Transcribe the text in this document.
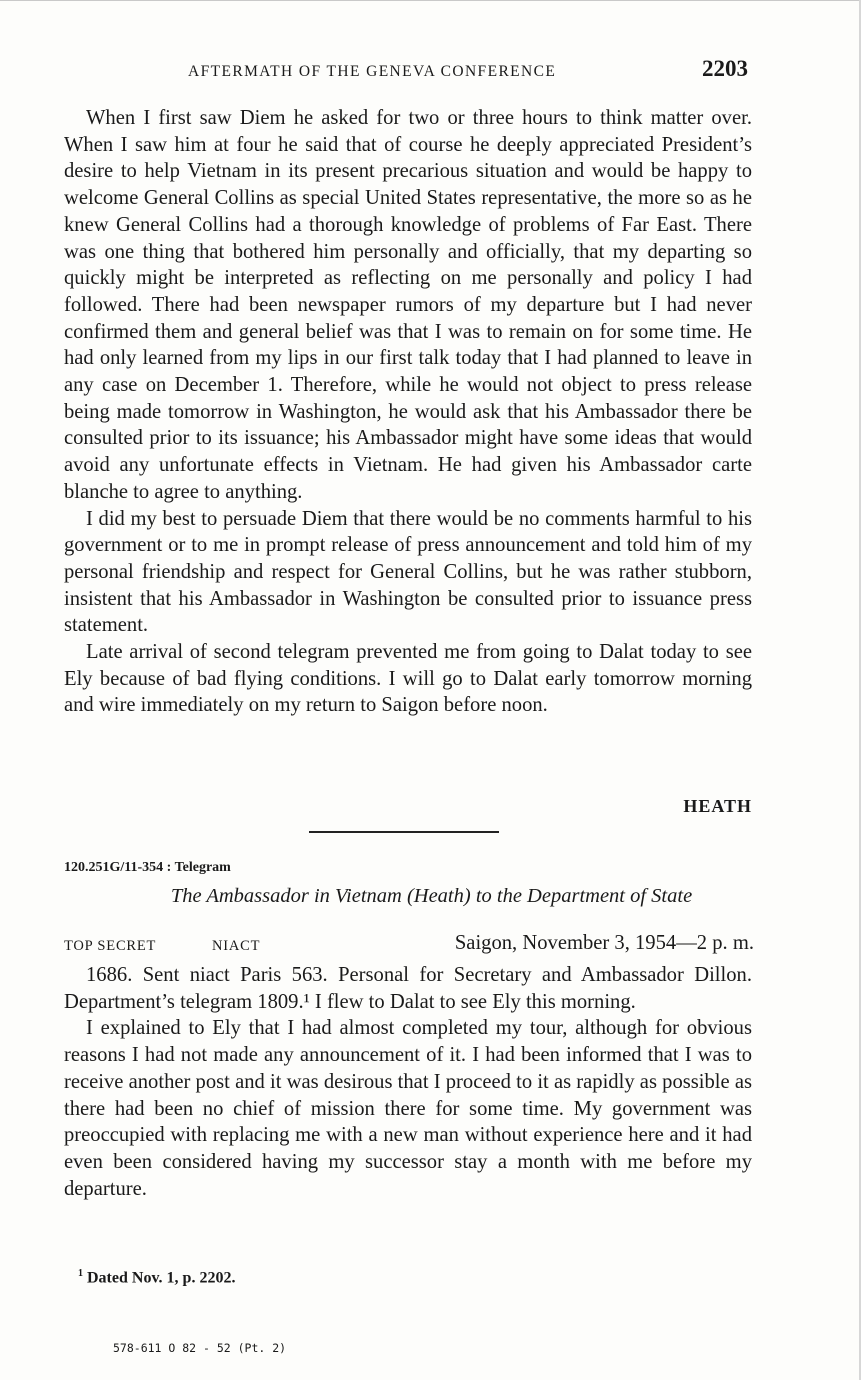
AFTERMATH OF THE GENEVA CONFERENCE	2203

When I first saw Diem he asked for two or three hours to think matter over. When I saw him at four he said that of course he deeply appreciated President’s desire to help Vietnam in its present precarious situation and would be happy to welcome General Collins as special United States representative, the more so as he knew General Collins had a thorough knowledge of problems of Far East. There was one thing that bothered him personally and officially, that my departing so quickly might be interpreted as reflecting on me personally and policy I had followed. There had been newspaper rumors of my departure but I had never confirmed them and general belief was that I was to remain on for some time. He had only learned from my lips in our first talk today that I had planned to leave in any case on December 1. Therefore, while he would not object to press release being made tomorrow in Washington, he would ask that his Ambassador there be consulted prior to its issuance; his Ambassador might have some ideas that would avoid any unfortunate effects in Vietnam. He had given his Ambassador carte blanche to agree to anything.

I did my best to persuade Diem that there would be no comments harmful to his government or to me in prompt release of press announcement and told him of my personal friendship and respect for General Collins, but he was rather stubborn, insistent that his Ambassador in Washington be consulted prior to issuance press statement.

Late arrival of second telegram prevented me from going to Dalat today to see Ely because of bad flying conditions. I will go to Dalat early tomorrow morning and wire immediately on my return to Saigon before noon.

HEATH
120.251G/11-354 : Telegram
The Ambassador in Vietnam (Heath) to the Department of State
TOP SECRET	NIACT	Saigon, November 3, 1954—2 p. m.

1686. Sent niact Paris 563. Personal for Secretary and Ambassador Dillon. Department’s telegram 1809.¹ I flew to Dalat to see Ely this morning.

I explained to Ely that I had almost completed my tour, although for obvious reasons I had not made any announcement of it. I had been informed that I was to receive another post and it was desirous that I proceed to it as rapidly as possible as there had been no chief of mission there for some time. My government was preoccupied with replacing me with a new man without experience here and it had even been considered having my successor stay a month with me before my departure.

$^1$ Dated Nov. 1, p. 2202.
578-611 O 82 - 52 (Pt. 2)
